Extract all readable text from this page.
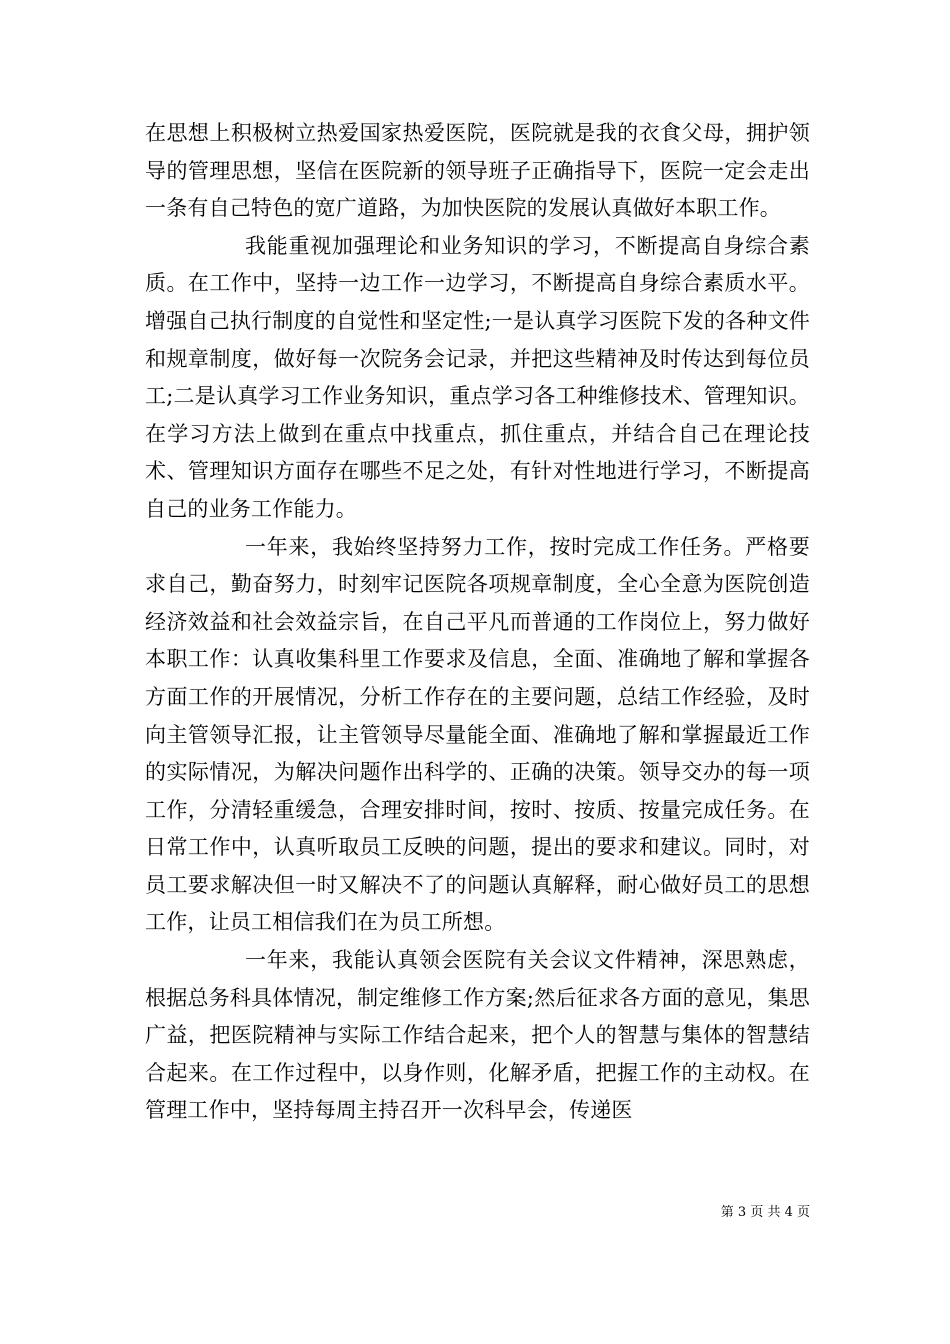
在思想上积极树立热爱国家热爱医院，医院就是我的衣食父母，拥护领导的管理思想，坚信在医院新的领导班子正确指导下，医院一定会走出一条有自己特色的宽广道路，为加快医院的发展认真做好本职工作。

我能重视加强理论和业务知识的学习，不断提高自身综合素质。在工作中，坚持一边工作一边学习，不断提高自身综合素质水平。增强自己执行制度的自觉性和坚定性;一是认真学习医院下发的各种文件和规章制度，做好每一次院务会记录，并把这些精神及时传达到每位员工;二是认真学习工作业务知识，重点学习各工种维修技术、管理知识。在学习方法上做到在重点中找重点，抓住重点，并结合自己在理论技术、管理知识方面存在哪些不足之处，有针对性地进行学习，不断提高自己的业务工作能力。

一年来，我始终坚持努力工作，按时完成工作任务。严格要求自己，勤奋努力，时刻牢记医院各项规章制度，全心全意为医院创造经济效益和社会效益宗旨，在自己平凡而普通的工作岗位上，努力做好本职工作：认真收集科里工作要求及信息，全面、准确地了解和掌握各方面工作的开展情况，分析工作存在的主要问题，总结工作经验，及时向主管领导汇报，让主管领导尽量能全面、准确地了解和掌握最近工作的实际情况，为解决问题作出科学的、正确的决策。领导交办的每一项工作，分清轻重缓急，合理安排时间，按时、按质、按量完成任务。在日常工作中，认真听取员工反映的问题，提出的要求和建议。同时，对员工要求解决但一时又解决不了的问题认真解释，耐心做好员工的思想工作，让员工相信我们在为员工所想。

一年来，我能认真领会医院有关会议文件精神，深思熟虑，根据总务科具体情况，制定维修工作方案;然后征求各方面的意见，集思广益，把医院精神与实际工作结合起来，把个人的智慧与集体的智慧结合起来。在工作过程中，以身作则，化解矛盾，把握工作的主动权。在管理工作中，坚持每周主持召开一次科早会，传递医

第 3 页 共 4 页
